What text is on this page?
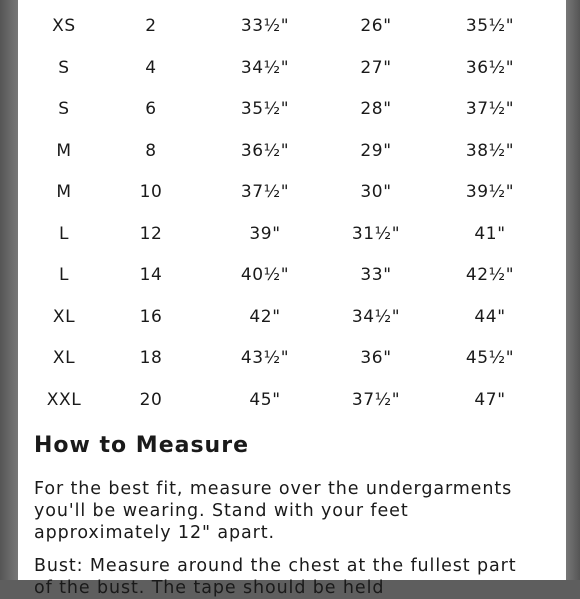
XS	2	33½"	26"	35½"
S	4	34½"	27"	36½"
S	6	35½"	28"	37½"
M	8	36½"	29"	38½"
M	10	37½"	30"	39½"
L	12	39"	31½"	41"
L	14	40½"	33"	42½"
XL	16	42"	34½"	44"
XL	18	43½"	36"	45½"
XXL	20	45"	37½"	47"
How to Measure

For the best fit, measure over the undergarments you'll be wearing. Stand with your feet approximately 12" apart.

Bust: Measure around the chest at the fullest part of the bust. The tape should be held
